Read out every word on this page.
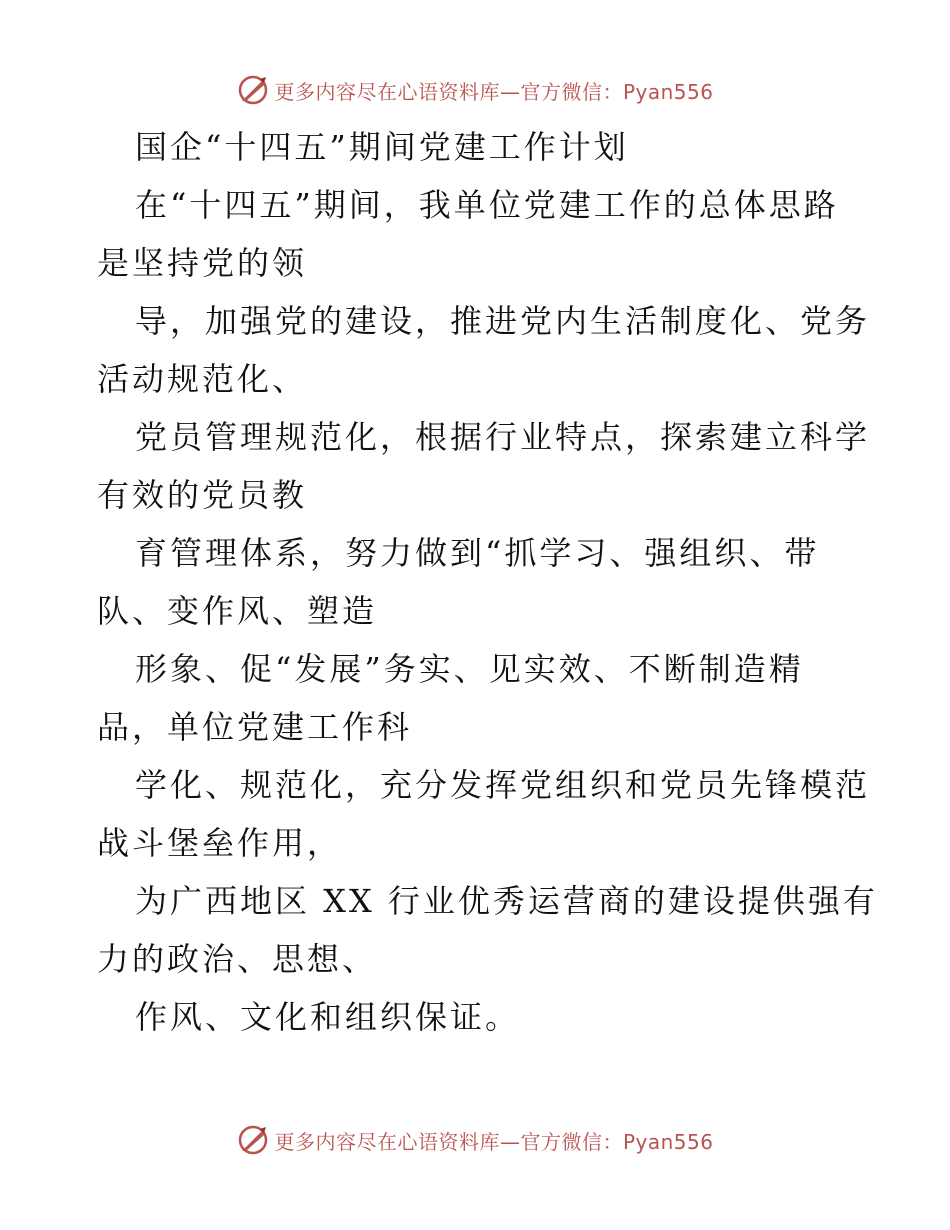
更多内容尽在心语资料库—官方微信：Pyan556

国企“十四五”期间党建工作计划

在“十四五”期间，我单位党建工作的总体思路

是坚持党的领

导，加强党的建设，推进党内生活制度化、党务

活动规范化、

党员管理规范化，根据行业特点，探索建立科学

有效的党员教

育管理体系，努力做到“抓学习、强组织、带

队、变作风、塑造

形象、促“发展”务实、见实效、不断制造精

品，单位党建工作科

学化、规范化，充分发挥党组织和党员先锋模范

战斗堡垒作用，

为广西地区 XX 行业优秀运营商的建设提供强有

力的政治、思想、

作风、文化和组织保证。

更多内容尽在心语资料库—官方微信：Pyan556
